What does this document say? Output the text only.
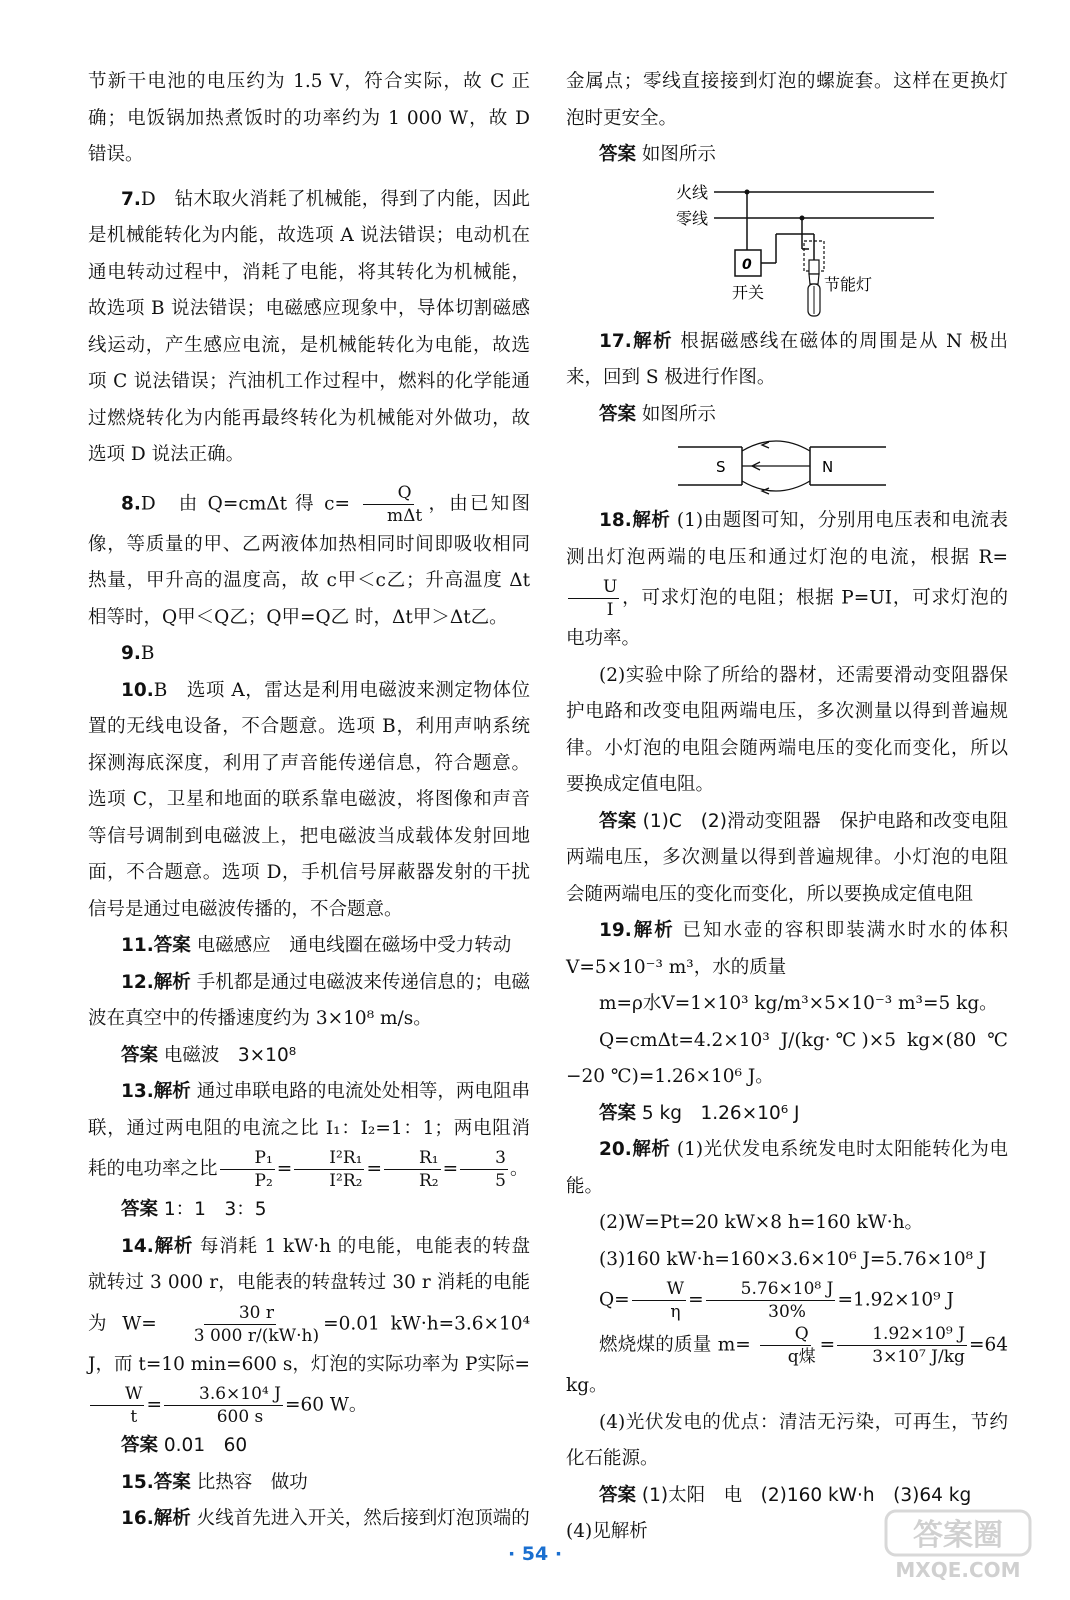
节新干电池的电压约为 1.5 V，符合实际，故 C 正确；电饭锅加热煮饭时的功率约为 1 000 W，故 D 错误。

7.D　钻木取火消耗了机械能，得到了内能，因此是机械能转化为内能，故选项 A 说法错误；电动机在通电转动过程中，消耗了电能，将其转化为机械能，故选项 B 说法错误；电磁感应现象中，导体切割磁感线运动，产生感应电流，是机械能转化为电能，故选项 C 说法错误；汽油机工作过程中，燃料的化学能通过燃烧转化为内能再最终转化为机械能对外做功，故选项 D 说法正确。

8.D　由 Q=cmΔt 得 $c= \frac{Q}{\text{mΔt}}$ ，由已知图像，等质量的甲、乙两液体加热相同时间即吸收相同热量，甲升高的温度高，故 c甲＜c乙；升高温度 Δt 相等时，Q甲＜Q乙；Q甲=Q乙 时，Δt甲＞Δt乙。

9.B

10.B　选项 A，雷达是利用电磁波来测定物体位置的无线电设备，不合题意。选项 B，利用声呐系统探测海底深度，利用了声音能传递信息，符合题意。选项 C，卫星和地面的联系靠电磁波，将图像和声音等信号调制到电磁波上，把电磁波当成载体发射回地面，不合题意。选项 D，手机信号屏蔽器发射的干扰信号是通过电磁波传播的，不合题意。

11.答案 电磁感应　通电线圈在磁场中受力转动

12.解析 手机都是通过电磁波来传递信息的；电磁波在真空中的传播速度约为 3×10⁸ m/s。

答案 电磁波　3×10⁸

13.解析 通过串联电路的电流处处相等，两电阻串联，通过两电阻的电流之比 I₁：I₂=1：1；两电阻消耗的电功率之比 $\frac{\text{P₁}}{\text{P₂}} = \frac{\text{I²R₁}}{\text{I²R₂}} = \frac{\text{R₁}}{\text{R₂}} = \frac{3}{5}$ 。

答案 1：1　3：5

14.解析 每消耗 1 kW·h 的电能，电能表的转盘就转过 3 000 r，电能表的转盘转过 30 r 消耗的电能为 $W= \frac{30 r}{3 000 r/(kW\cdot h)} =0.01$ kW·h=3.6×10⁴ J，而 t=10 min=600 s，灯泡的实际功率为 P实际=
$\frac{W}{t} = \frac{\text{3.6×10⁴ J}}{600 s} =60$ W。

答案 0.01　60

15.答案 比热容　做功

16.解析 火线首先进入开关，然后接到灯泡顶端的

金属点；零线直接接到灯泡的螺旋套。这样在更换灯泡时更安全。

答案 如图所示

火线
零线
0
开关	节能灯

17.解析 根据磁感线在磁体的周围是从 N 极出来，回到 S 极进行作图。

答案 如图所示

S	N

18.解析 (1)由题图可知，分别用电压表和电流表测出灯泡两端的电压和通过灯泡的电流，根据 R=
$\frac{U}{I}$ ，可求灯泡的电阻；根据 P=UI，可求灯泡的电功率。

(2)实验中除了所给的器材，还需要滑动变阻器保护电路和改变电阻两端电压，多次测量以得到普遍规律。小灯泡的电阻会随两端电压的变化而变化，所以要换成定值电阻。

答案 (1)C　(2)滑动变阻器　保护电路和改变电阻两端电压，多次测量以得到普遍规律。小灯泡的电阻会随两端电压的变化而变化，所以要换成定值电阻

19.解析 已知水壶的容积即装满水时水的体积 V=5×10⁻³ m³，水的质量

m=ρ水V=1×10³ kg/m³×5×10⁻³ m³=5 kg。

Q=cmΔt=4.2×10³ J/(kg·℃)×5 kg×(80 ℃−20 ℃)=1.26×10⁶ J。

答案 5 kg　1.26×10⁶ J

20.解析 (1)光伏发电系统发电时太阳能转化为电能。

(2)W=Pt=20 kW×8 h=160 kW·h。

(3)160 kW·h=160×3.6×10⁶ J=5.76×10⁸ J

$Q= \frac{W}{\eta} = \frac{\text{5.76×10⁸ J}}{30\%} =1.92\times 10^9$ J

燃烧煤的质量 $m= \frac{Q}{\text{q煤}} = \frac{\text{1.92×10⁹ J}}{\text{3×10⁷ J/kg}} =64$ kg。

(4)光伏发电的优点：清洁无污染，可再生，节约化石能源。

答案 (1)太阳　电　(2)160 kW·h　(3)64 kg

(4)见解析

· 54 ·
答案圈
MXQE.COM
